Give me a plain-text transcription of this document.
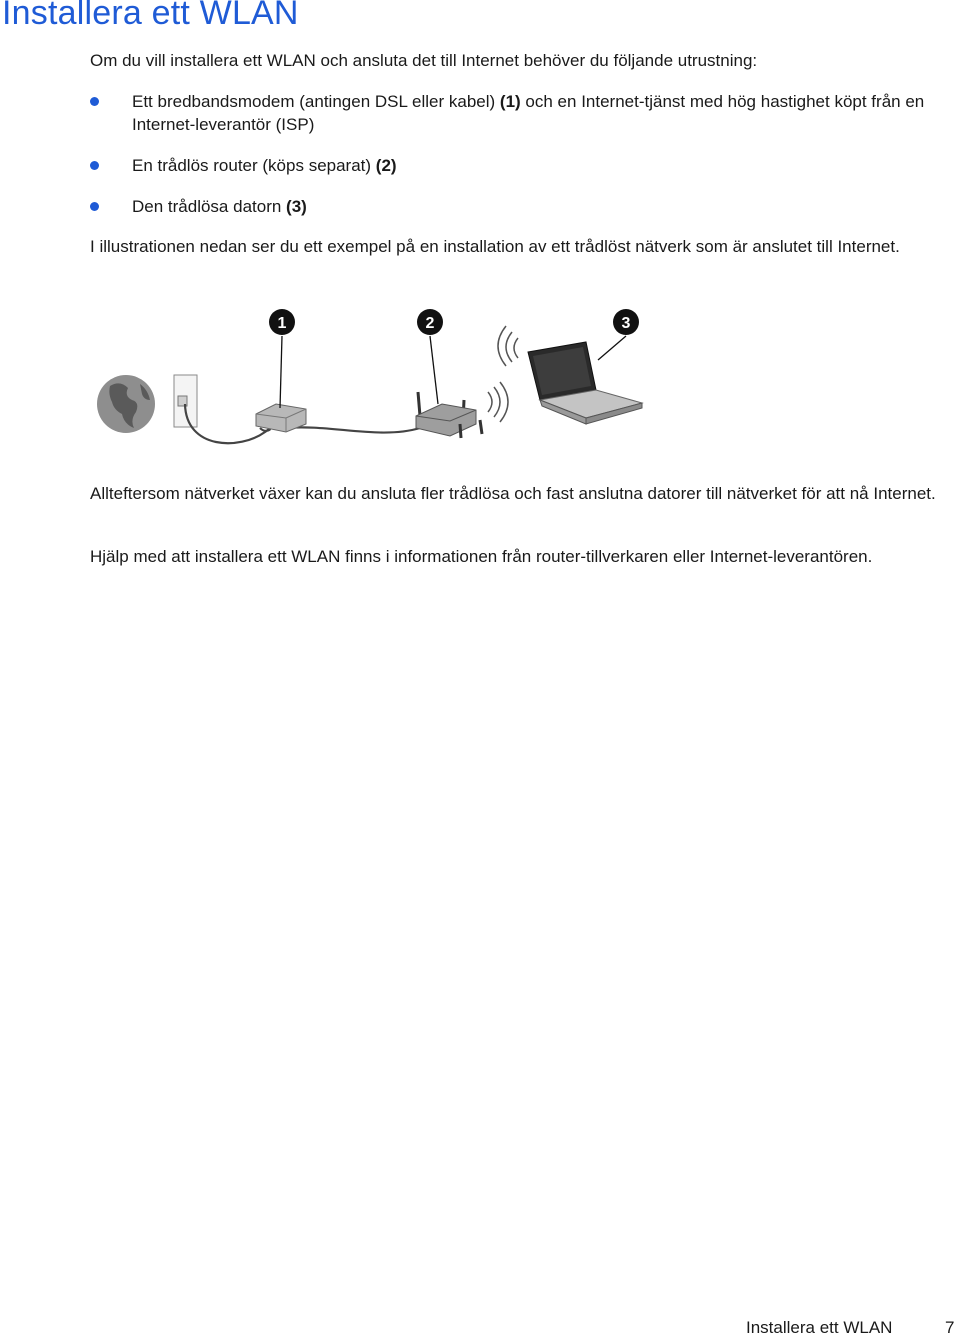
Installera ett WLAN

Om du vill installera ett WLAN och ansluta det till Internet behöver du följande utrustning:

Ett bredbandsmodem (antingen DSL eller kabel) (1) och en Internet-tjänst med hög hastighet köpt från en Internet-leverantör (ISP)
En trådlös router (köps separat) (2)
Den trådlösa datorn (3)

I illustrationen nedan ser du ett exempel på en installation av ett trådlöst nätverk som är anslutet till Internet.

1	2	3

Allteftersom nätverket växer kan du ansluta fler trådlösa och fast anslutna datorer till nätverket för att nå Internet.

Hjälp med att installera ett WLAN finns i informationen från router-tillverkaren eller Internet-leverantören.

Installera ett WLAN	7
